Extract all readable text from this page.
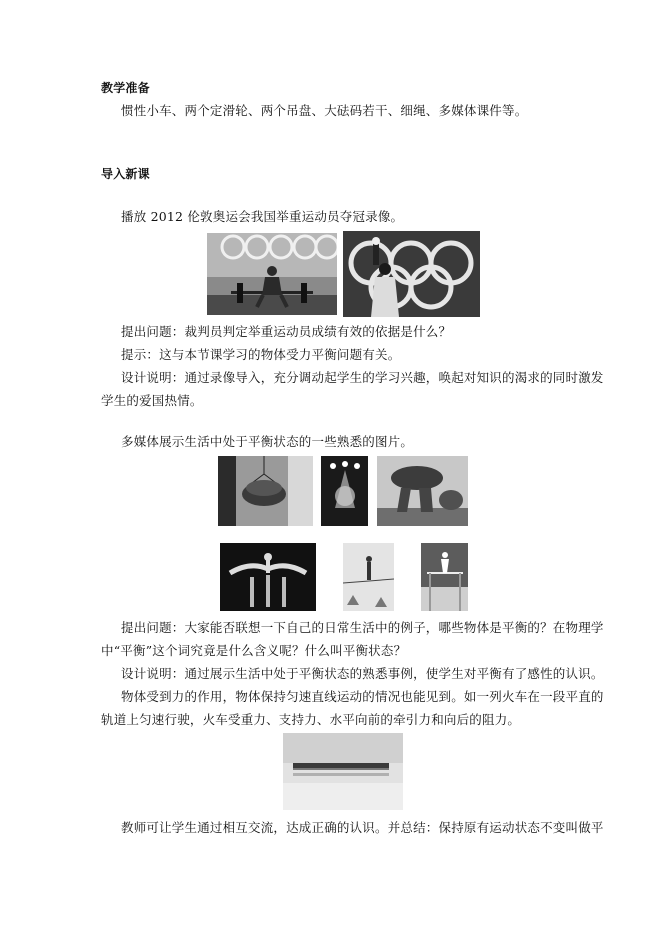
教学准备
惯性小车、两个定滑轮、两个吊盘、大砝码若干、细绳、多媒体课件等。
导入新课
播放 2012 伦敦奥运会我国举重运动员夺冠录像。
提出问题：裁判员判定举重运动员成绩有效的依据是什么？
提示：这与本节课学习的物体受力平衡问题有关。
设计说明：通过录像导入，充分调动起学生的学习兴趣，唤起对知识的渴求的同时激发
学生的爱国热情。
多媒体展示生活中处于平衡状态的一些熟悉的图片。
提出问题：大家能否联想一下自己的日常生活中的例子，哪些物体是平衡的？在物理学
中“平衡”这个词究竟是什么含义呢？什么叫平衡状态？
设计说明：通过展示生活中处于平衡状态的熟悉事例，使学生对平衡有了感性的认识。
物体受到力的作用，物体保持匀速直线运动的情况也能见到。如一列火车在一段平直的
轨道上匀速行驶，火车受重力、支持力、水平向前的牵引力和向后的阻力。
教师可让学生通过相互交流，达成正确的认识。并总结：保持原有运动状态不变叫做平
